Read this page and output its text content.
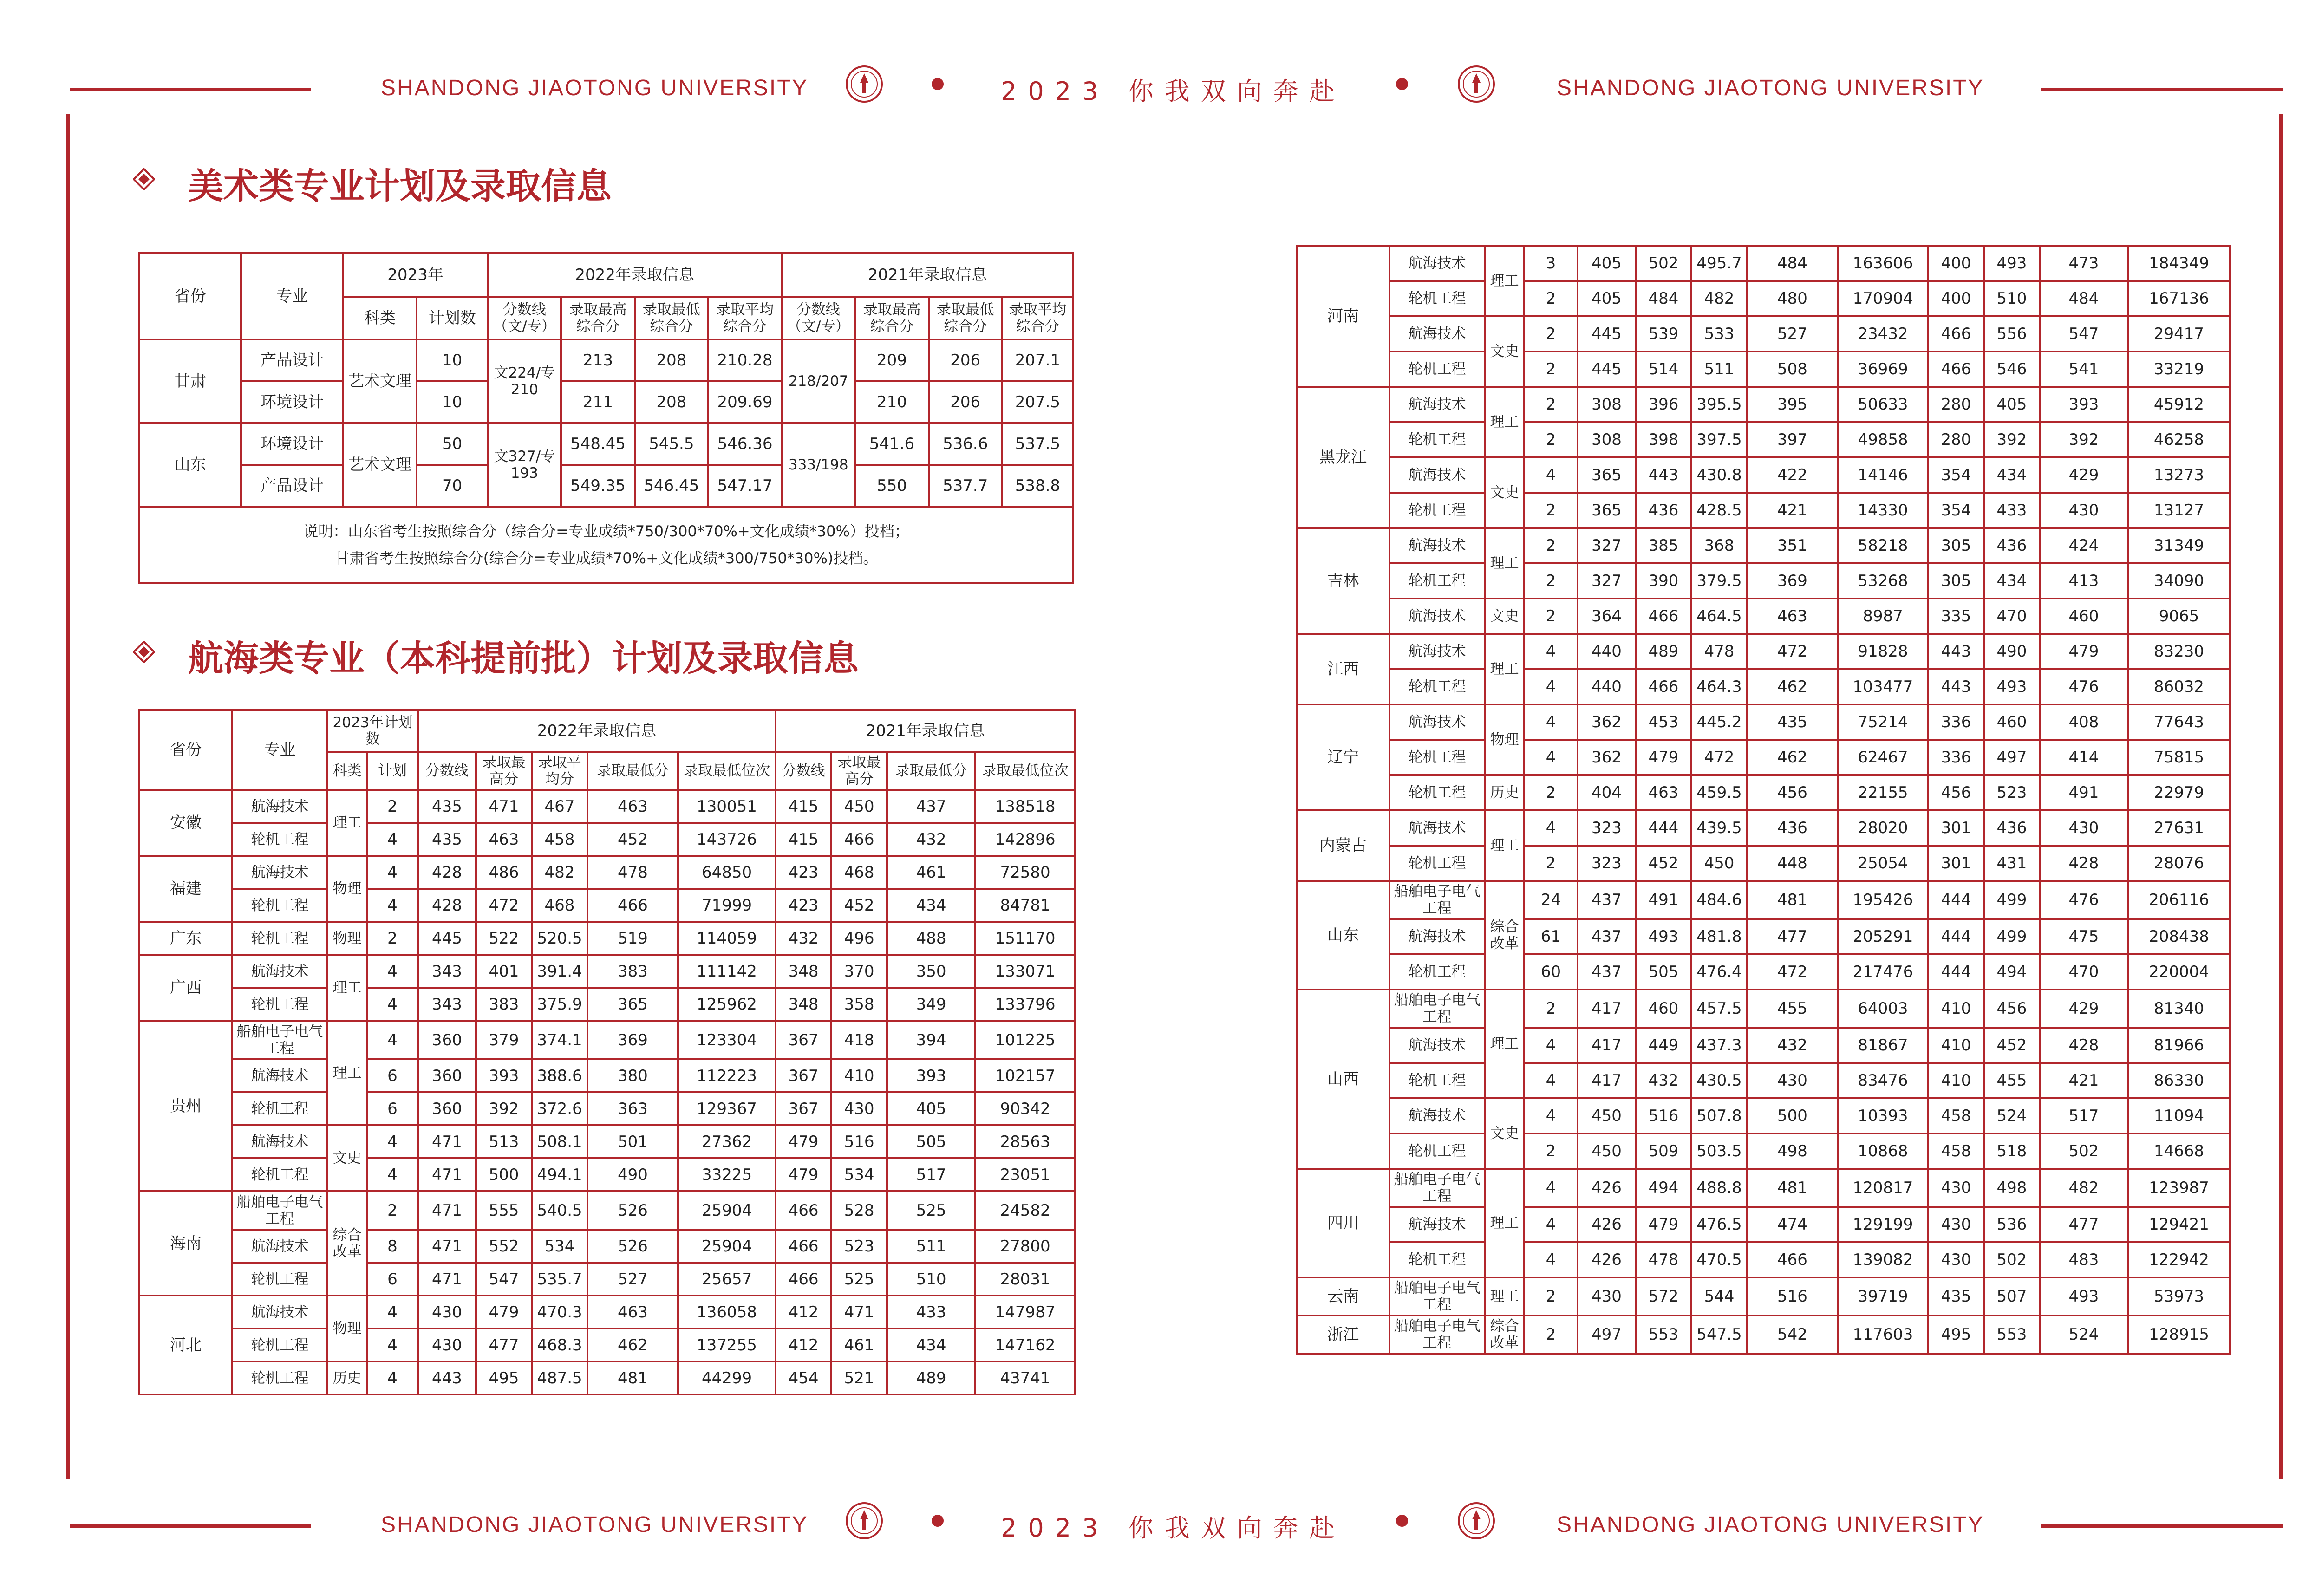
SHANDONG JIAOTONG UNIVERSITY	2023 你我双向奔赴	SHANDONG JIAOTONG UNIVERSITY
SHANDONG JIAOTONG UNIVERSITY	2023 你我双向奔赴	SHANDONG JIAOTONG UNIVERSITY
美术类专业计划及录取信息
航海类专业（本科提前批）计划及录取信息
省份	专业	2023年		2022年录取信息				2021年录取信息			
		科类	计划数	分数线（文/专）	录取最高综合分	录取最低综合分	录取平均综合分	分数线（文/专）	录取最高综合分	录取最低综合分	录取平均综合分
甘肃	产品设计	艺术文理	10	文224/专210	213	208	210.28	218/207	209	206	207.1
	环境设计		10		211	208	209.69		210	206	207.5
山东	环境设计	艺术文理	50	文327/专193	548.45	545.5	546.36	333/198	541.6	536.6	537.5
	产品设计		70		549.35	546.45	547.17		550	537.7	538.8

说明：山东省考生按照综合分（综合分=专业成绩*750/300*70%+文化成绩*30%）投档；
甘肃省考生按照综合分(综合分=专业成绩*70%+文化成绩*300/750*30%)投档。											
省份	专业	2023年计划数		2022年录取信息					2021年录取信息			
		科类	计划	分数线	录取最高分	录取平均分	录取最低分	录取最低位次	分数线	录取最高分	录取最低分	录取最低位次
安徽	航海技术	理工	2	435	471	467	463	130051	415	450	437	138518
	轮机工程		4	435	463	458	452	143726	415	466	432	142896
福建	航海技术	物理	4	428	486	482	478	64850	423	468	461	72580
	轮机工程		4	428	472	468	466	71999	423	452	434	84781
广东	轮机工程	物理	2	445	522	520.5	519	114059	432	496	488	151170
广西	航海技术	理工	4	343	401	391.4	383	111142	348	370	350	133071
	轮机工程		4	343	383	375.9	365	125962	348	358	349	133796
贵州	船舶电子电气工程	理工	4	360	379	374.1	369	123304	367	418	394	101225
	航海技术		6	360	393	388.6	380	112223	367	410	393	102157
	轮机工程		6	360	392	372.6	363	129367	367	430	405	90342
	航海技术	文史	4	471	513	508.1	501	27362	479	516	505	28563
	轮机工程		4	471	500	494.1	490	33225	479	534	517	23051
海南	船舶电子电气工程	综合改革	2	471	555	540.5	526	25904	466	528	525	24582
	航海技术		8	471	552	534	526	25904	466	523	511	27800
	轮机工程		6	471	547	535.7	527	25657	466	525	510	28031
河北	航海技术	物理	4	430	479	470.3	463	136058	412	471	433	147987
	轮机工程		4	430	477	468.3	462	137255	412	461	434	147162
	轮机工程	历史	4	443	495	487.5	481	44299	454	521	489	43741
河南	航海技术	理工	3	405	502	495.7	484	163606	400	493	473	184349
	轮机工程		2	405	484	482	480	170904	400	510	484	167136
	航海技术	文史	2	445	539	533	527	23432	466	556	547	29417
	轮机工程		2	445	514	511	508	36969	466	546	541	33219
黑龙江	航海技术	理工	2	308	396	395.5	395	50633	280	405	393	45912
	轮机工程		2	308	398	397.5	397	49858	280	392	392	46258
	航海技术	文史	4	365	443	430.8	422	14146	354	434	429	13273
	轮机工程		2	365	436	428.5	421	14330	354	433	430	13127
吉林	航海技术	理工	2	327	385	368	351	58218	305	436	424	31349
	轮机工程		2	327	390	379.5	369	53268	305	434	413	34090
	航海技术	文史	2	364	466	464.5	463	8987	335	470	460	9065
江西	航海技术	理工	4	440	489	478	472	91828	443	490	479	83230
	轮机工程		4	440	466	464.3	462	103477	443	493	476	86032
辽宁	航海技术	物理	4	362	453	445.2	435	75214	336	460	408	77643
	轮机工程		4	362	479	472	462	62467	336	497	414	75815
	轮机工程	历史	2	404	463	459.5	456	22155	456	523	491	22979
内蒙古	航海技术	理工	4	323	444	439.5	436	28020	301	436	430	27631
	轮机工程		2	323	452	450	448	25054	301	431	428	28076
山东	船舶电子电气工程	综合改革	24	437	491	484.6	481	195426	444	499	476	206116
	航海技术		61	437	493	481.8	477	205291	444	499	475	208438
	轮机工程		60	437	505	476.4	472	217476	444	494	470	220004
山西	船舶电子电气工程	理工	2	417	460	457.5	455	64003	410	456	429	81340
	航海技术		4	417	449	437.3	432	81867	410	452	428	81966
	轮机工程		4	417	432	430.5	430	83476	410	455	421	86330
	航海技术	文史	4	450	516	507.8	500	10393	458	524	517	11094
	轮机工程		2	450	509	503.5	498	10868	458	518	502	14668
四川	船舶电子电气工程	理工	4	426	494	488.8	481	120817	430	498	482	123987
	航海技术		4	426	479	476.5	474	129199	430	536	477	129421
	轮机工程		4	426	478	470.5	466	139082	430	502	483	122942
云南	船舶电子电气工程	理工	2	430	572	544	516	39719	435	507	493	53973
浙江	船舶电子电气工程	综合改革	2	497	553	547.5	542	117603	495	553	524	128915
